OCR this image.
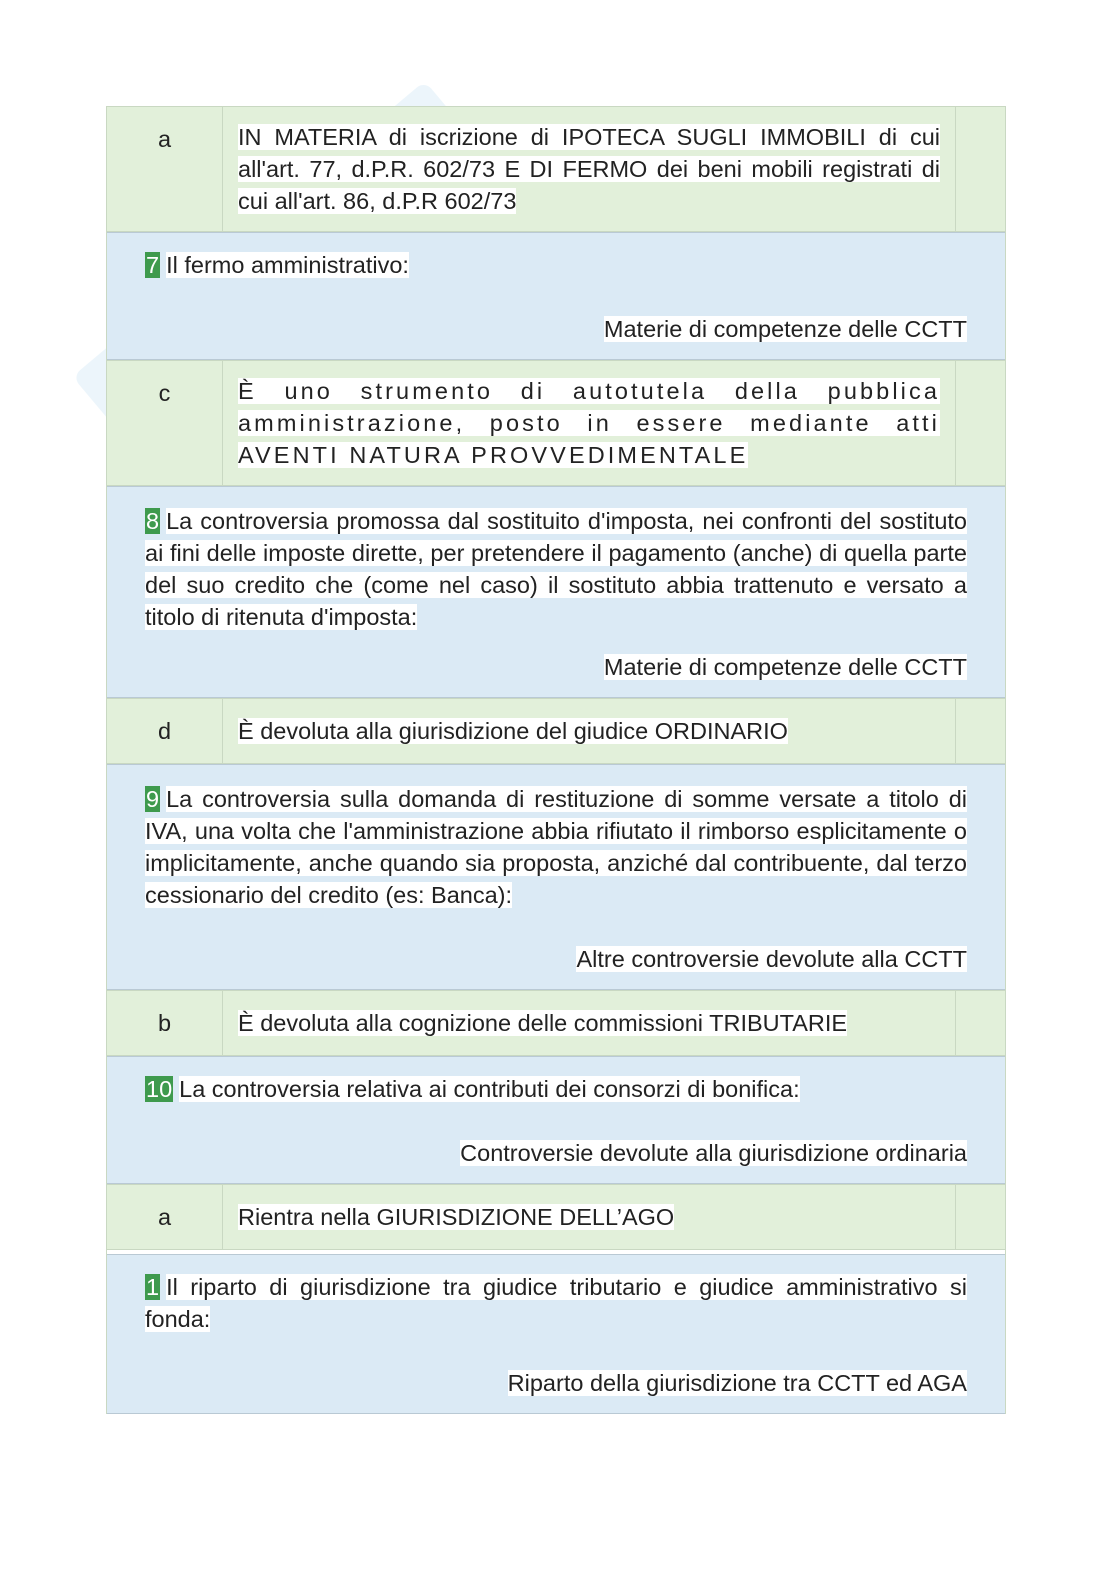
a	IN MATERIA di iscrizione di IPOTECA SUGLI IMMOBILI di cui all'art. 77, d.P.R. 602/73 E DI FERMO dei beni mobili registrati di cui all'art. 86, d.P.R 602/73
7 Il fermo amministrativo:
Materie di competenze delle CCTT
c	È uno strumento di autotutela della pubblica amministrazione, posto in essere mediante atti AVENTI NATURA PROVVEDIMENTALE
8 La controversia promossa dal sostituito d'imposta, nei confronti del sostituto ai fini delle imposte dirette, per pretendere il pagamento (anche) di quella parte del suo credito che (come nel caso) il sostituto abbia trattenuto e versato a titolo di ritenuta d'imposta:
Materie di competenze delle CCTT
d	È devoluta alla giurisdizione del giudice ORDINARIO
9 La controversia sulla domanda di restituzione di somme versate a titolo di IVA, una volta che l'amministrazione abbia rifiutato il rimborso esplicitamente o implicitamente, anche quando sia proposta, anziché dal contribuente, dal terzo cessionario del credito (es: Banca):
Altre controversie devolute alla CCTT
b	È devoluta alla cognizione delle commissioni TRIBUTARIE
10 La controversia relativa ai contributi dei consorzi di bonifica:
Controversie devolute alla giurisdizione ordinaria
a	Rientra nella GIURISDIZIONE DELL’AGO
1 Il riparto di giurisdizione tra giudice tributario e giudice amministrativo si fonda:
Riparto della giurisdizione tra CCTT ed AGA
